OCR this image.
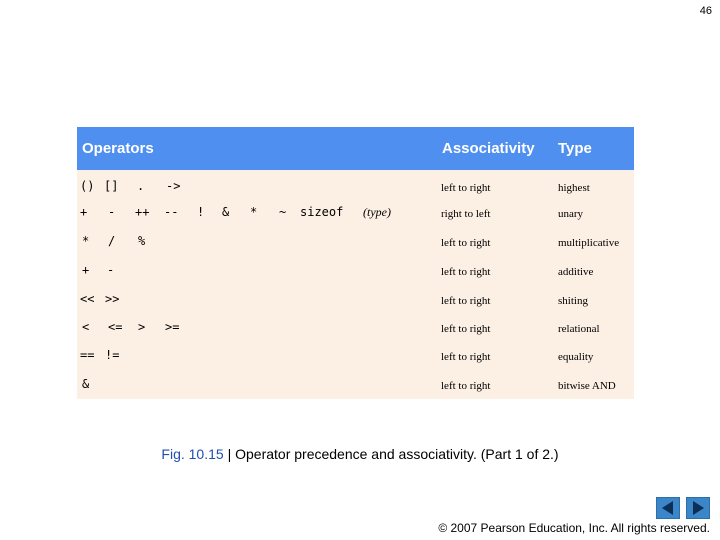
46
Operators	Associativity Type
() [] . ->	left to right	highest
+ - ++ -- ! & * ~ sizeof (type)	right to left	unary
* / %	left to right	multiplicative
+ -	left to right	additive
<< >>	left to right	shiting
< <= > >=	left to right	relational
== !=	left to right	equality
&	left to right	bitwise AND
Fig. 10.15 | Operator precedence and associativity. (Part 1 of 2.)
© 2007 Pearson Education, Inc. All rights reserved.
